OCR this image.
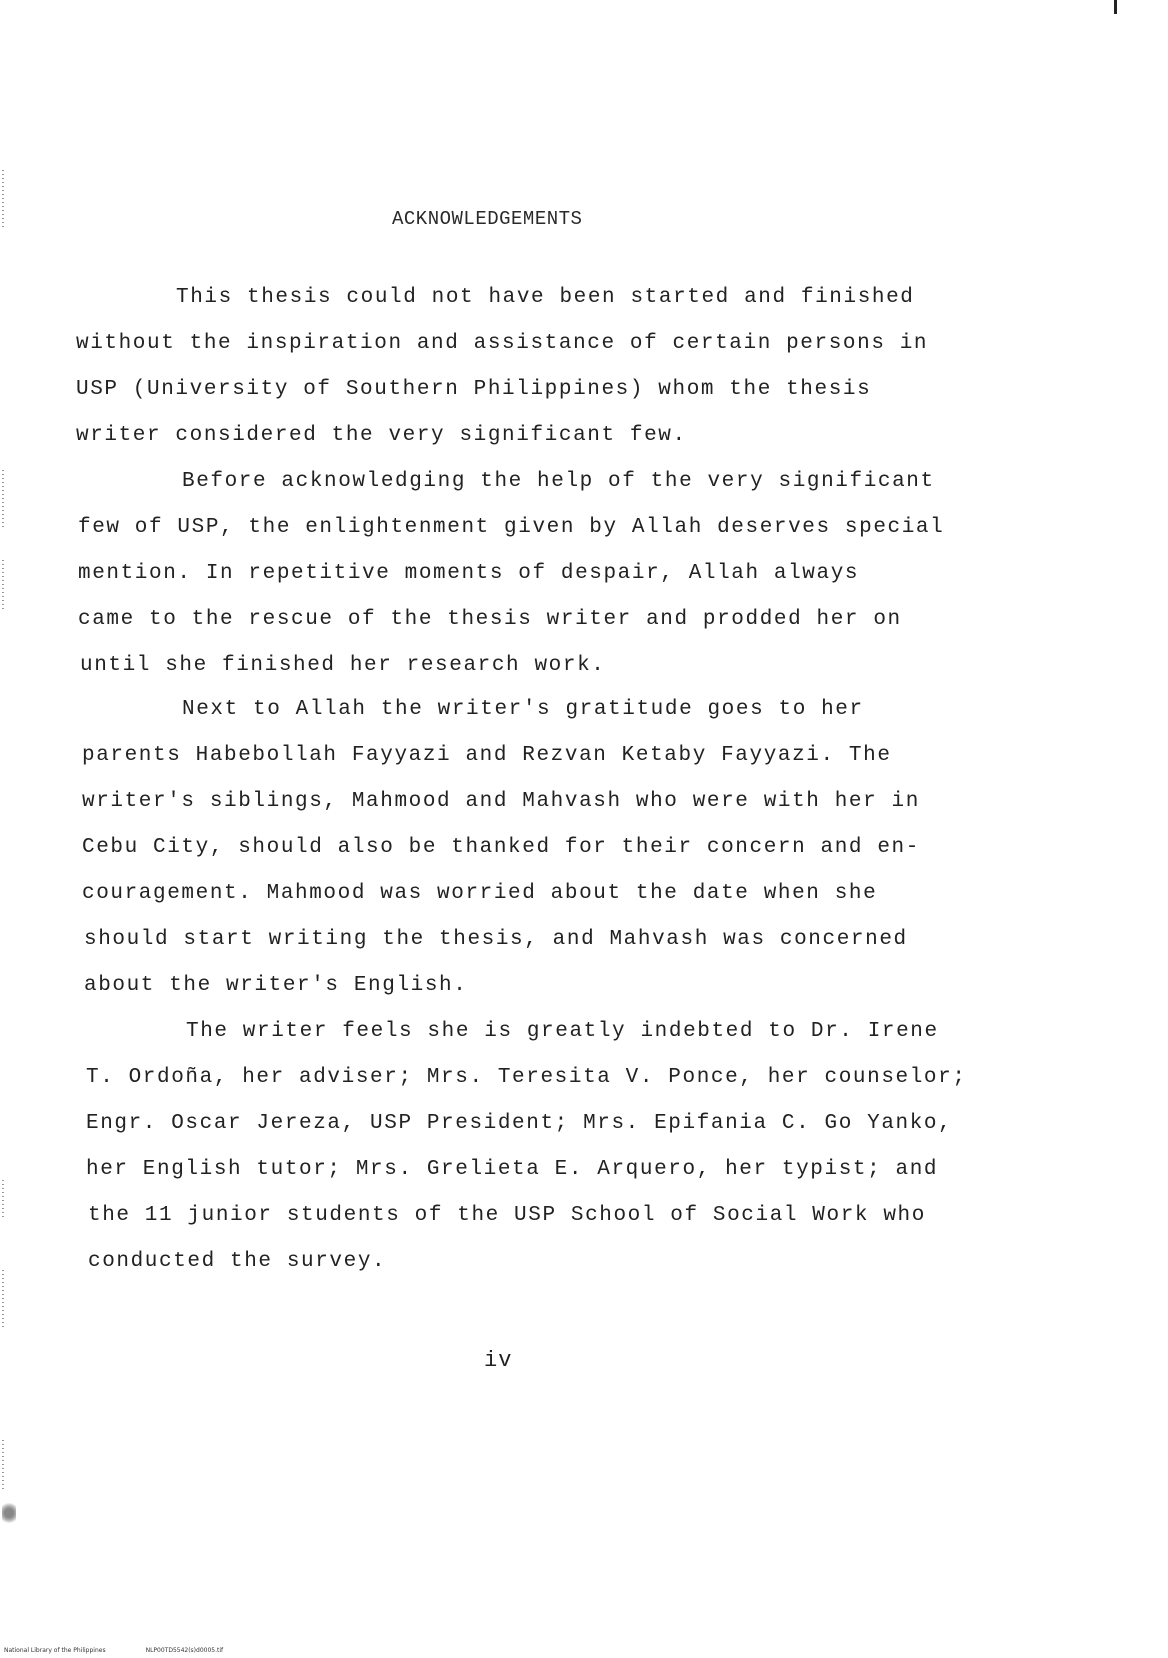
ACKNOWLEDGEMENTS
This thesis could not have been started and finished
without the inspiration and assistance of certain persons in
USP (University of Southern Philippines) whom the thesis
writer considered the very significant few.
Before acknowledging the help of the very significant
few of USP, the enlightenment given by Allah deserves special
mention. In repetitive moments of despair, Allah always
came to the rescue of the thesis writer and prodded her on
until she finished her research work.
Next to Allah the writer's gratitude goes to her
parents Habebollah Fayyazi and Rezvan Ketaby Fayyazi. The
writer's siblings, Mahmood and Mahvash who were with her in
Cebu City, should also be thanked for their concern and en-
couragement. Mahmood was worried about the date when she
should start writing the thesis, and Mahvash was concerned
about the writer's English.
The writer feels she is greatly indebted to Dr. Irene
T. Ordoña, her adviser; Mrs. Teresita V. Ponce, her counselor;
Engr. Oscar Jereza, USP President; Mrs. Epifania C. Go Yanko,
her English tutor; Mrs. Grelieta E. Arquero, her typist; and
the 11 junior students of the USP School of Social Work who
conducted the survey.
iv
National Library of the Philippines	NLP00TD5542(s)d0005.tif
